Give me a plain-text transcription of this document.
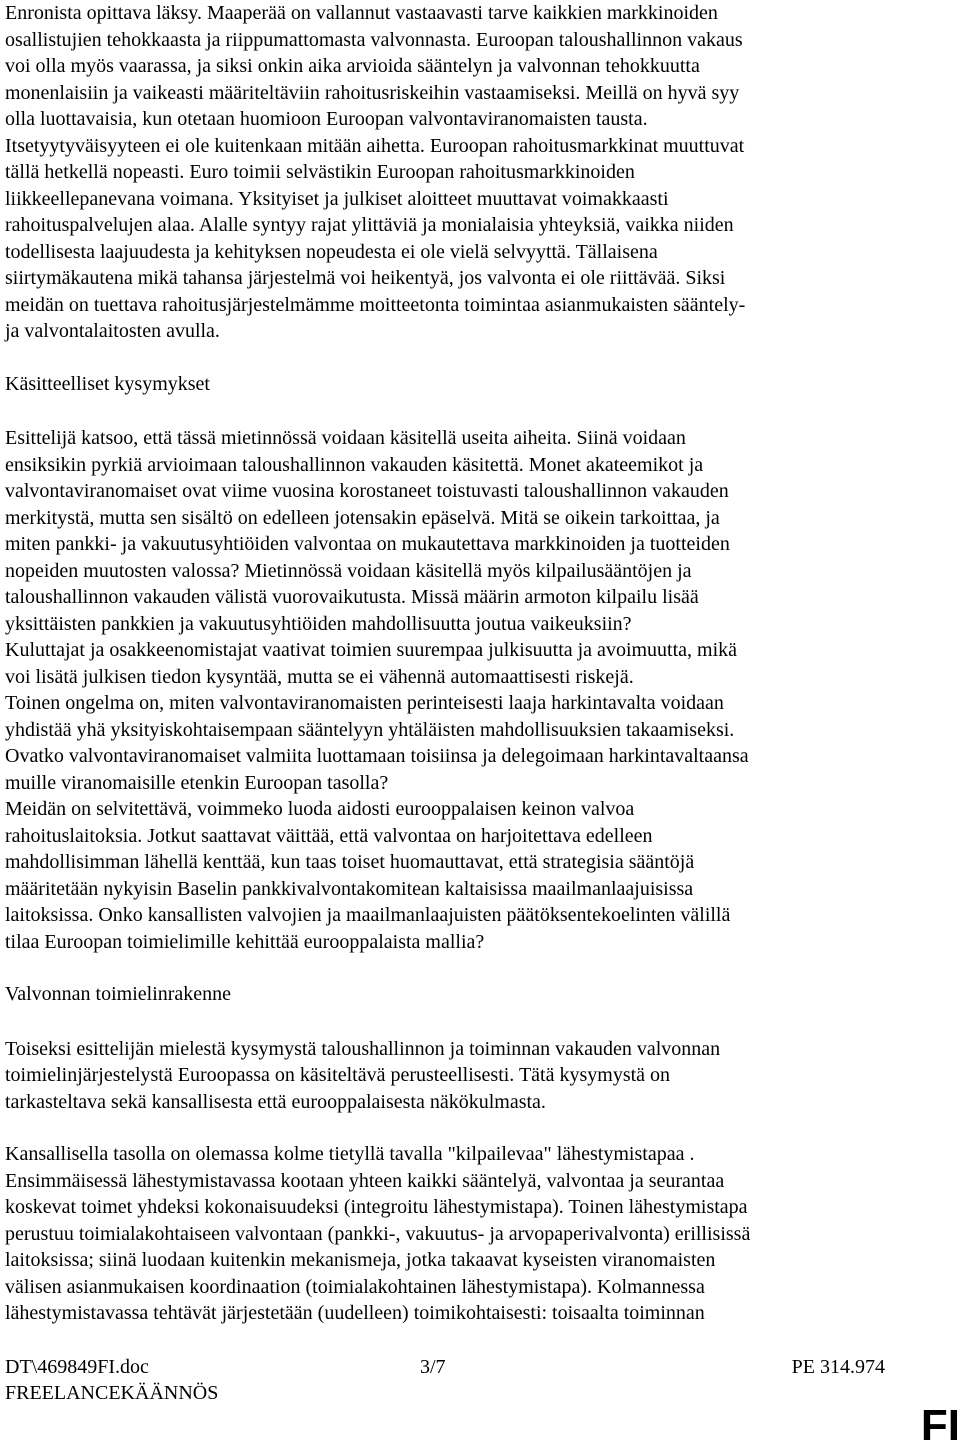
Enronista opittava läksy. Maaperää on vallannut vastaavasti tarve kaikkien markkinoiden
osallistujien tehokkaasta ja riippumattomasta valvonnasta. Euroopan taloushallinnon vakaus
voi olla myös vaarassa, ja siksi onkin aika arvioida sääntelyn ja valvonnan tehokkuutta
monenlaisiin ja vaikeasti määriteltäviin rahoitusriskeihin vastaamiseksi. Meillä on hyvä syy
olla luottavaisia, kun otetaan huomioon Euroopan valvontaviranomaisten tausta.
Itsetyytyväisyyteen ei ole kuitenkaan mitään aihetta. Euroopan rahoitusmarkkinat muuttuvat
tällä hetkellä nopeasti. Euro toimii selvästikin Euroopan rahoitusmarkkinoiden
liikkeellepanevana voimana. Yksityiset ja julkiset aloitteet muuttavat voimakkaasti
rahoituspalvelujen alaa. Alalle syntyy rajat ylittäviä ja monialaisia yhteyksiä, vaikka niiden
todellisesta laajuudesta ja kehityksen nopeudesta ei ole vielä selvyyttä. Tällaisena
siirtymäkautena mikä tahansa järjestelmä voi heikentyä, jos valvonta ei ole riittävää. Siksi
meidän on tuettava rahoitusjärjestelmämme moitteetonta toimintaa asianmukaisten sääntely-
ja valvontalaitosten avulla.

Käsitteelliset kysymykset

Esittelijä katsoo, että tässä mietinnössä voidaan käsitellä useita aiheita. Siinä voidaan
ensiksikin pyrkiä arvioimaan taloushallinnon vakauden käsitettä. Monet akateemikot ja
valvontaviranomaiset ovat viime vuosina korostaneet toistuvasti taloushallinnon vakauden
merkitystä, mutta sen sisältö on edelleen jotensakin epäselvä. Mitä se oikein tarkoittaa, ja
miten pankki- ja vakuutusyhtiöiden valvontaa on mukautettava markkinoiden ja tuotteiden
nopeiden muutosten valossa? Mietinnössä voidaan käsitellä myös kilpailusääntöjen ja
taloushallinnon vakauden välistä vuorovaikutusta. Missä määrin armoton kilpailu lisää
yksittäisten pankkien ja vakuutusyhtiöiden mahdollisuutta joutua vaikeuksiin?
Kuluttajat ja osakkeenomistajat vaativat toimien suurempaa julkisuutta ja avoimuutta, mikä
voi lisätä julkisen tiedon kysyntää, mutta se ei vähennä automaattisesti riskejä.
Toinen ongelma on, miten valvontaviranomaisten perinteisesti laaja harkintavalta voidaan
yhdistää yhä yksityiskohtaisempaan sääntelyyn yhtäläisten mahdollisuuksien takaamiseksi.
Ovatko valvontaviranomaiset valmiita luottamaan toisiinsa ja delegoimaan harkintavaltaansa
muille viranomaisille etenkin Euroopan tasolla?
Meidän on selvitettävä, voimmeko luoda aidosti eurooppalaisen keinon valvoa
rahoituslaitoksia. Jotkut saattavat väittää, että valvontaa on harjoitettava edelleen
mahdollisimman lähellä kenttää, kun taas toiset huomauttavat, että strategisia sääntöjä
määritetään nykyisin Baselin pankkivalvontakomitean kaltaisissa maailmanlaajuisissa
laitoksissa. Onko kansallisten valvojien ja maailmanlaajuisten päätöksentekoelinten välillä
tilaa Euroopan toimielimille kehittää eurooppalaista mallia?

Valvonnan toimielinrakenne

Toiseksi esittelijän mielestä kysymystä taloushallinnon ja toiminnan vakauden valvonnan
toimielinjärjestelystä Euroopassa on käsiteltävä perusteellisesti. Tätä kysymystä on
tarkasteltava sekä kansallisesta että eurooppalaisesta näkökulmasta.

Kansallisella tasolla on olemassa kolme tietyllä tavalla "kilpailevaa" lähestymistapaa .
Ensimmäisessä lähestymistavassa kootaan yhteen kaikki sääntelyä, valvontaa ja seurantaa
koskevat toimet yhdeksi kokonaisuudeksi (integroitu lähestymistapa). Toinen lähestymistapa
perustuu toimialakohtaiseen valvontaan (pankki-, vakuutus- ja arvopaperivalvonta) erillisissä
laitoksissa; siinä luodaan kuitenkin mekanismeja, jotka takaavat kyseisten viranomaisten
välisen asianmukaisen koordinaation (toimialakohtainen lähestymistapa). Kolmannessa
lähestymistavassa tehtävät järjestetään (uudelleen) toimikohtaisesti: toisaalta toiminnan

DT\469849FI.doc	3/7	PE 314.974
FREELANCEKÄÄNNÖS
FI
